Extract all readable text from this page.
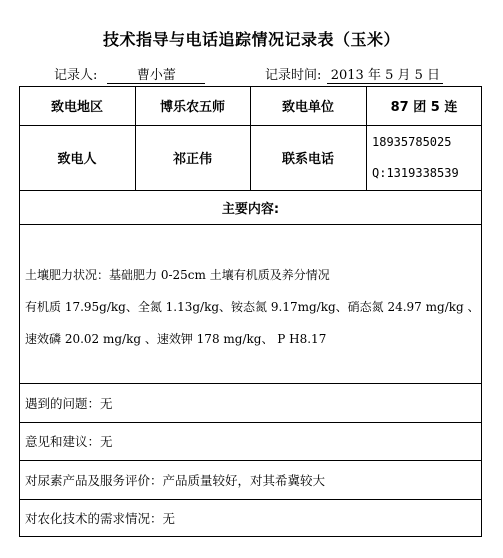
技术指导与电话追踪情况记录表（玉米）
记录人:	曹小蕾	记录时间: 2013 年 5 月 5 日
致电地区	博乐农五师	致电单位	87 团 5 连
致电人	祁正伟	联系电话
18935785025
Q:1319338539
主要内容:
土壤肥力状况：基础肥力 0-25cm 土壤有机质及养分情况
有机质 17.95g/kg、全氮 1.13g/kg、铵态氮 9.17mg/kg、硝态氮 24.97 mg/kg 、
速效磷 20.02 mg/kg 、速效钾 178 mg/kg、 P H8.17
遇到的问题：无
意见和建议：无
对尿素产品及服务评价：产品质量较好，对其希冀较大
对农化技术的需求情况：无
